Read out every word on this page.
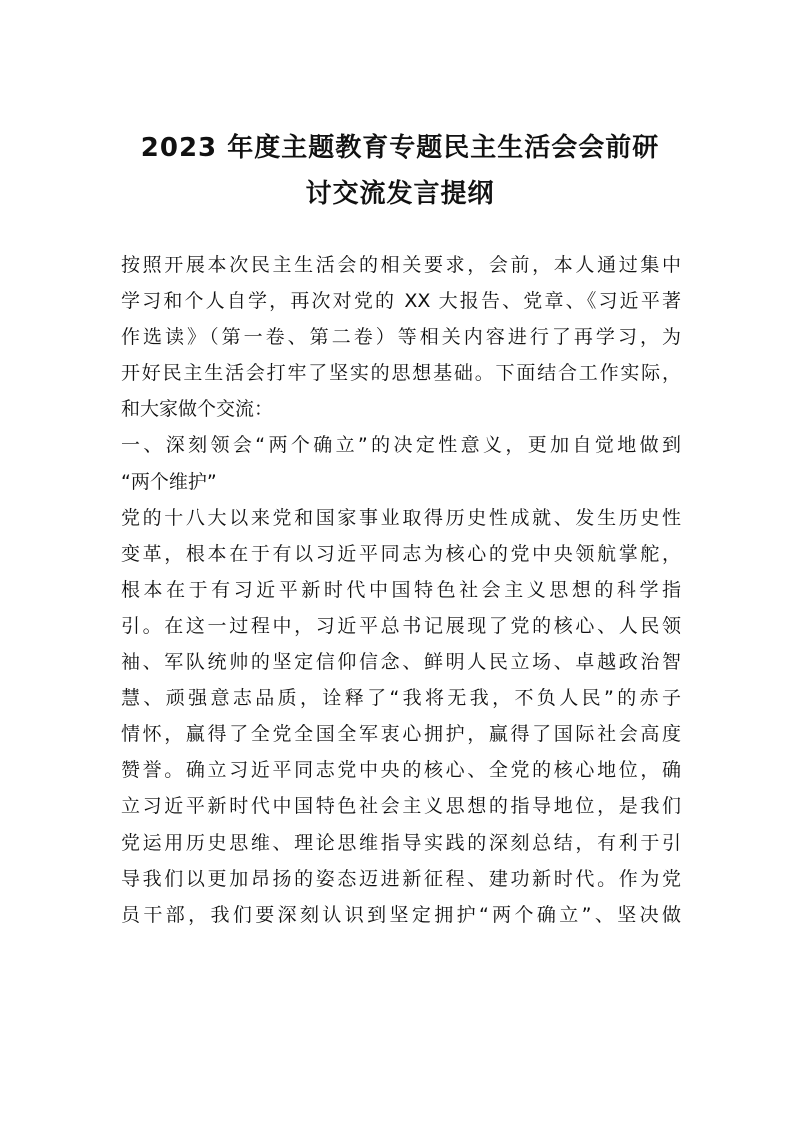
2023 年度主题教育专题民主生活会会前研
讨交流发言提纲
按照开展本次民主生活会的相关要求，会前，本人通过集中
学习和个人自学，再次对党的 XX 大报告、党章、《习近平著
作选读》（第一卷、第二卷）等相关内容进行了再学习，为
开好民主生活会打牢了坚实的思想基础。下面结合工作实际，
和大家做个交流：
一、深刻领会“两个确立”的决定性意义，更加自觉地做到
“两个维护”
党的十八大以来党和国家事业取得历史性成就、发生历史性
变革，根本在于有以习近平同志为核心的党中央领航掌舵，
根本在于有习近平新时代中国特色社会主义思想的科学指
引。在这一过程中，习近平总书记展现了党的核心、人民领
袖、军队统帅的坚定信仰信念、鲜明人民立场、卓越政治智
慧、顽强意志品质，诠释了“我将无我，不负人民”的赤子
情怀，赢得了全党全国全军衷心拥护，赢得了国际社会高度
赞誉。确立习近平同志党中央的核心、全党的核心地位，确
立习近平新时代中国特色社会主义思想的指导地位，是我们
党运用历史思维、理论思维指导实践的深刻总结，有利于引
导我们以更加昂扬的姿态迈进新征程、建功新时代。作为党
员干部，我们要深刻认识到坚定拥护“两个确立”、坚决做
